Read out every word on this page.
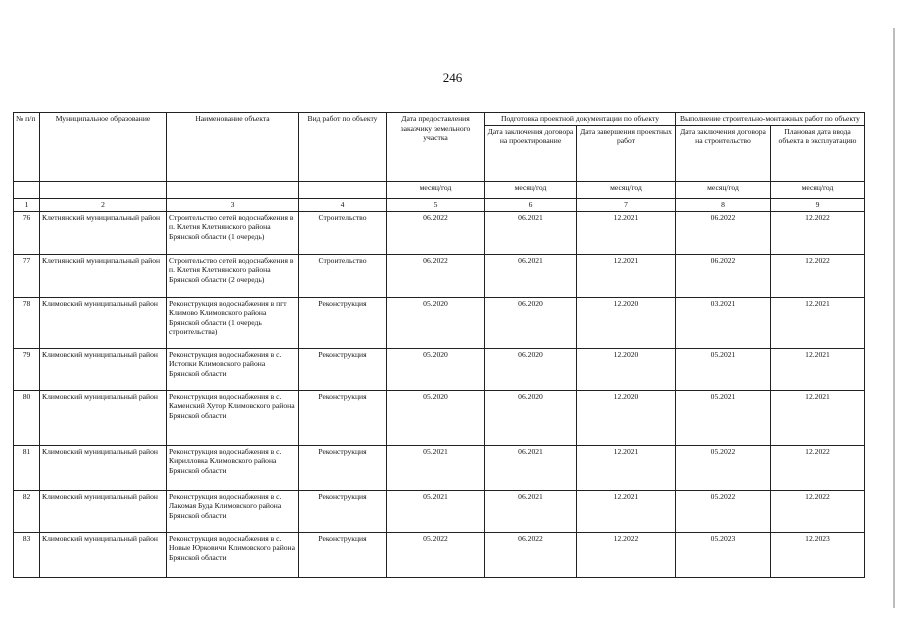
246
№ п/п	Муниципальное образование	Наименование объекта	Вид работ по объекту	Дата предоставления заказчику земельного участка	Подготовка проектной документации по объекту		Выполнение строительно-монтажных работ по объекту	
					Дата заключения договора на проектирование	Дата завершения проектных работ	Дата заключения договора на строительство	Плановая дата ввода объекта в эксплуатацию
				месяц/год	месяц/год	месяц/год	месяц/год	месяц/год
1	2	3	4	5	6	7	8	9
76	Клетнянский муниципальный район	Строительство сетей водоснабжения в п. Клетня Клетнянского района Брянской области (1 очередь)	Строительство	06.2022	06.2021	12.2021	06.2022	12.2022
77	Клетнянский муниципальный район	Строительство сетей водоснабжения в п. Клетня Клетнянского района Брянской области (2 очередь)	Строительство	06.2022	06.2021	12.2021	06.2022	12.2022
78	Климовский муниципальный район	Реконструкция водоснабжения в пгт Климово Климовского района Брянской области (1 очередь строительства)	Реконструкция	05.2020	06.2020	12.2020	03.2021	12.2021
79	Климовский муниципальный район	Реконструкция водоснабжения в с. Истопки Климовского района Брянской области	Реконструкция	05.2020	06.2020	12.2020	05.2021	12.2021
80	Климовский муниципальный район	Реконструкция водоснабжения в с. Каменский Хутор Климовского района Брянской области	Реконструкция	05.2020	06.2020	12.2020	05.2021	12.2021
81	Климовский муниципальный район	Реконструкция водоснабжения в с. Кирилловка Климовского района Брянской области	Реконструкция	05.2021	06.2021	12.2021	05.2022	12.2022
82	Климовский муниципальный район	Реконструкция водоснабжения в с. Лакомая Буда Климовского района Брянской области	Реконструкция	05.2021	06.2021	12.2021	05.2022	12.2022
83	Климовский муниципальный район	Реконструкция водоснабжения в с. Новые Юрковичи Климовского района Брянской области	Реконструкция	05.2022	06.2022	12.2022	05.2023	12.2023
